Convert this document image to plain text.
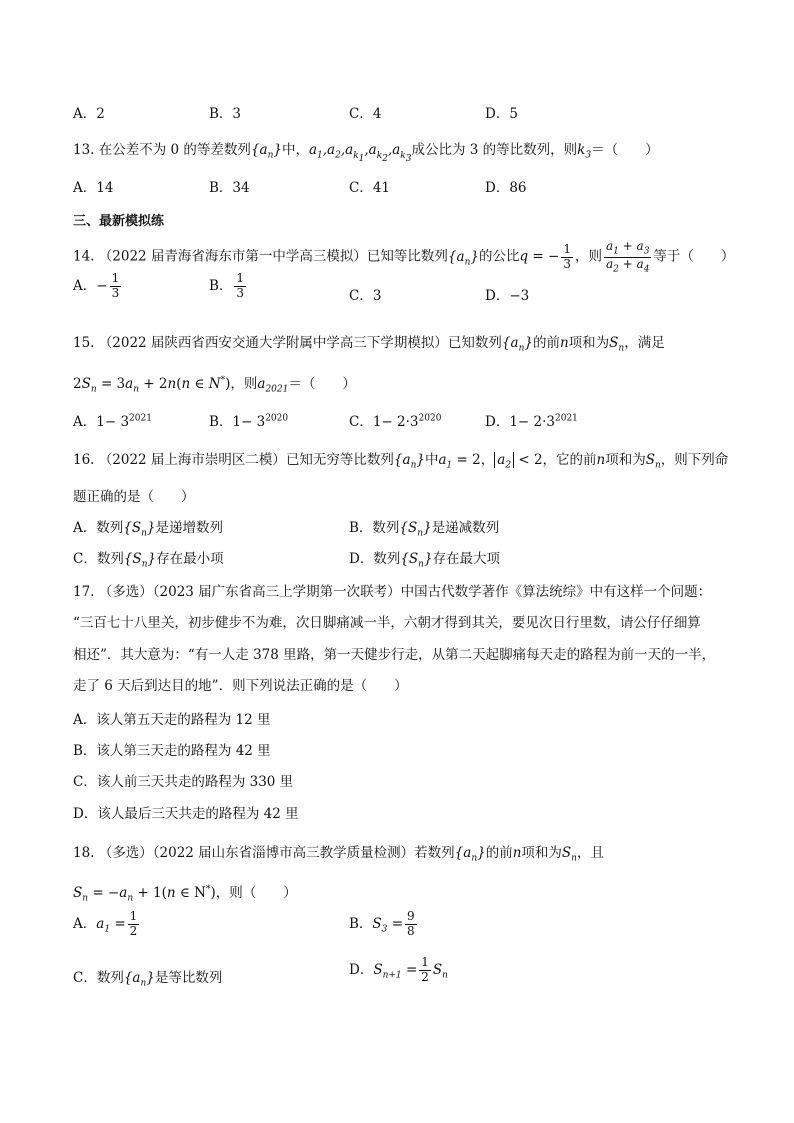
A．2	B．3	C．4	D．5
13. 在公差不为 0 的等差数列$\{a_n\}$中，$a_1,a_2,a_{k_1},a_{k_2},a_{k_3}$成公比为 3 的等比数列，则$k_3=$（　　）
A．14	B．34	C．41	D．86
三、最新模拟练
14. （2022 届青海省海东市第一中学高三模拟）已知等比数列$\{a_n\}$的公比q = − $\frac{1}{3}$ ，则 $\frac{a_1 + a_3}{a_2 + a_4}$ 等于（　　）
A．− $\frac{1}{3}$	B． $\frac{1}{3}$	C．3	D．−3
15. （2022 届陕西省西安交通大学附属中学高三下学期模拟）已知数列$\{a_n\}$的前n项和为$S_n$，满足
$2S_n = 3a_n + 2n(n$ ∈ N*)，则$a_{2021}=$（　　）
A．$1- 3^{2021}$	B．$1- 3^{2020}$	C．$1- 2\cdot 3^{2020}$	D．$1- 2\cdot 3^{2021}$
16. （2022 届上海市崇明区二模）已知无穷等比数列$\{a_n\}$中$a_1 = 2$， $a_2 < 2$，它的前n项和为$S_n$，则下列命
题正确的是（　　）
A．数列$\{S_n\}$是递增数列	B．数列$\{S_n\}$是递减数列
C．数列$\{S_n\}$存在最小项	D．数列$\{S_n\}$存在最大项
17. （多选）（2023 届广东省高三上学期第一次联考）中国古代数学著作《算法统综》中有这样一个问题：
“三百七十八里关，初步健步不为难，次日脚痛减一半，六朝才得到其关，要见次日行里数，请公仔仔细算
相还”．其大意为：“有一人走 378 里路，第一天健步行走，从第二天起脚痛每天走的路程为前一天的一半，
走了 6 天后到达目的地”．则下列说法正确的是（　　）
A．该人第五天走的路程为 12 里
B．该人第三天走的路程为 42 里
C．该人前三天共走的路程为 330 里
D．该人最后三天共走的路程为 42 里
18. （多选）（2022 届山东省淄博市高三教学质量检测）若数列$\{a_n\}$的前n项和为$S_n$，且
$S_n = -a_n + 1(n$ ∈ N*)，则（　　）
A．$a_1 = \frac{1}{2}$	B．$S_3 = \frac{9}{8}$
C．数列$\{a_n\}$是等比数列
D．$S_{n+1} = \frac{1}{2} S_n$
